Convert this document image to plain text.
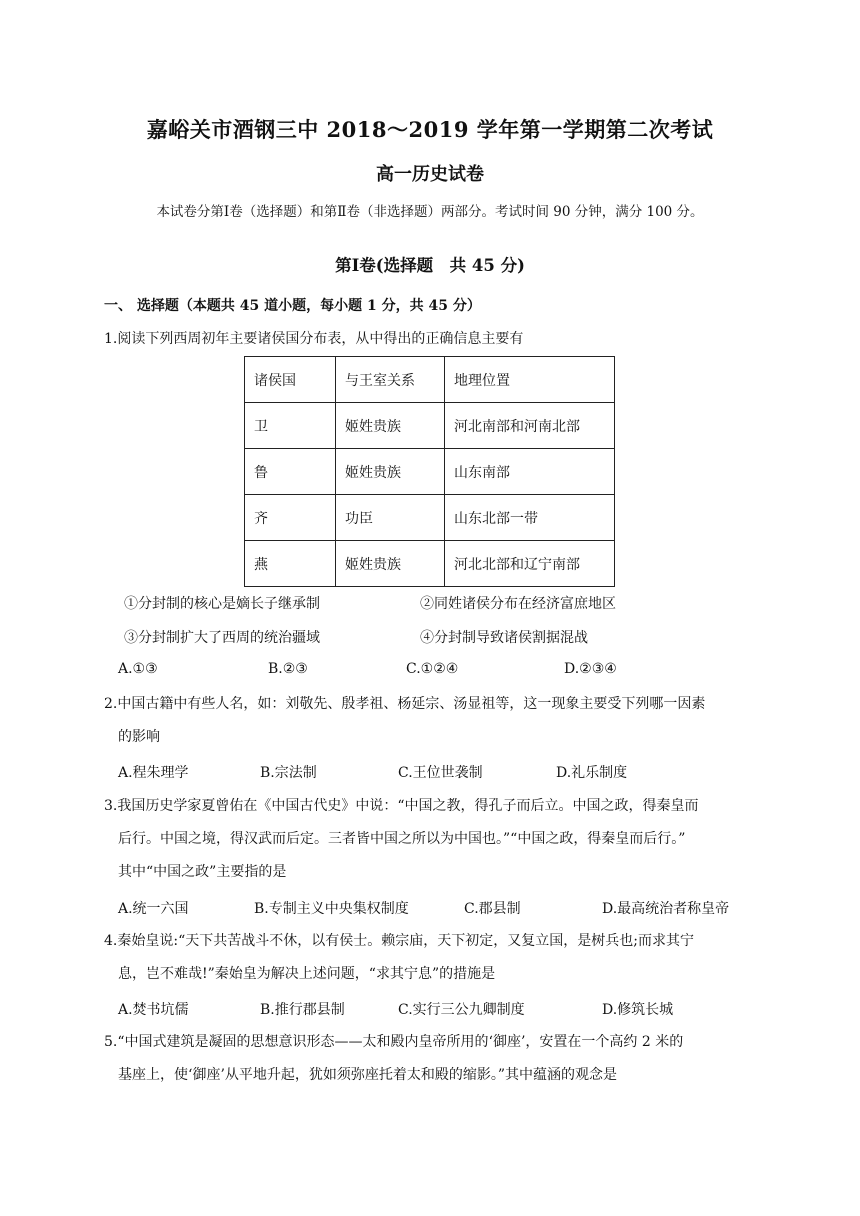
嘉峪关市酒钢三中 2018～2019 学年第一学期第二次考试
高一历史试卷
本试卷分第Ⅰ卷（选择题）和第Ⅱ卷（非选择题）两部分。考试时间 90 分钟，满分 100 分。
第Ⅰ卷(选择题　共 45 分)
一、 选择题（本题共 45 道小题，每小题 1 分，共 45 分）
1.阅读下列西周初年主要诸侯国分布表，从中得出的正确信息主要有
诸侯国	与王室关系	地理位置
卫	姬姓贵族	河北南部和河南北部
鲁	姬姓贵族	山东南部
齐	功臣	山东北部一带
燕	姬姓贵族	河北北部和辽宁南部
①分封制的核心是嫡长子继承制	②同姓诸侯分布在经济富庶地区
③分封制扩大了西周的统治疆域	④分封制导致诸侯割据混战
A.①③	B.②③	C.①②④	D.②③④
2.中国古籍中有些人名，如：刘敬先、殷孝祖、杨延宗、汤显祖等，这一现象主要受下列哪一因素
的影响
A.程朱理学	B.宗法制	C.王位世袭制	D.礼乐制度
3.我国历史学家夏曾佑在《中国古代史》中说：“中国之教，得孔子而后立。中国之政，得秦皇而
后行。中国之境，得汉武而后定。三者皆中国之所以为中国也。”“中国之政，得秦皇而后行。”
其中“中国之政”主要指的是
A.统一六国	B.专制主义中央集权制度	C.郡县制	D.最高统治者称皇帝
4.秦始皇说:“天下共苦战斗不休，以有侯士。赖宗庙，天下初定，又复立国，是树兵也;而求其宁
息，岂不难哉!”秦始皇为解决上述问题，“求其宁息”的措施是
A.焚书坑儒	B.推行郡县制	C.实行三公九卿制度	D.修筑长城
5.“中国式建筑是凝固的思想意识形态——太和殿内皇帝所用的‘御座’，安置在一个高约 2 米的
基座上，使‘御座’从平地升起，犹如须弥座托着太和殿的缩影。”其中蕴涵的观念是
